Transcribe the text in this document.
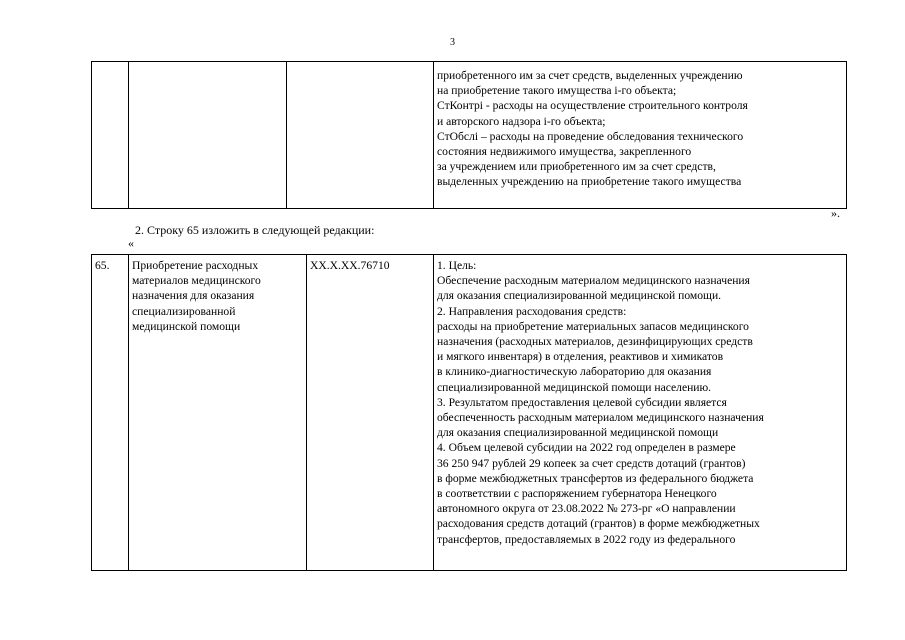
3

приобретенного им за счет средств, выделенных учреждению
на приобретение такого имущества i-го объекта;
СтКонтрi - расходы на осуществление строительного контроля
и авторского надзора i-го объекта;
СтОбслi – расходы на проведение обследования технического
состояния недвижимого имущества, закрепленного
за учреждением или приобретенного им за счет средств,
выделенных учреждению на приобретение такого имущества
».
2. Строку 65 изложить в следующей редакции:
«
65.	Приобретение расходных
материалов медицинского
назначения для оказания
специализированной
медицинской помощи
	XX.X.XX.76710	1. Цель:
Обеспечение расходным материалом медицинского назначения
для оказания специализированной медицинской помощи.
2. Направления расходования средств:
расходы на приобретение материальных запасов медицинского
назначения (расходных материалов, дезинфицирующих средств
и мягкого инвентаря) в отделения, реактивов и химикатов
в клинико-диагностическую лабораторию для оказания
специализированной медицинской помощи населению.
3. Результатом предоставления целевой субсидии является
обеспеченность расходным материалом медицинского назначения
для оказания специализированной медицинской помощи
4. Объем целевой субсидии на 2022 год определен в размере
36 250 947 рублей 29 копеек за счет средств дотаций (грантов)
в форме межбюджетных трансфертов из федерального бюджета
в соответствии с распоряжением губернатора Ненецкого
автономного округа от 23.08.2022 № 273-рг «О направлении
расходования средств дотаций (грантов) в форме межбюджетных
трансфертов, предоставляемых в 2022 году из федерального
